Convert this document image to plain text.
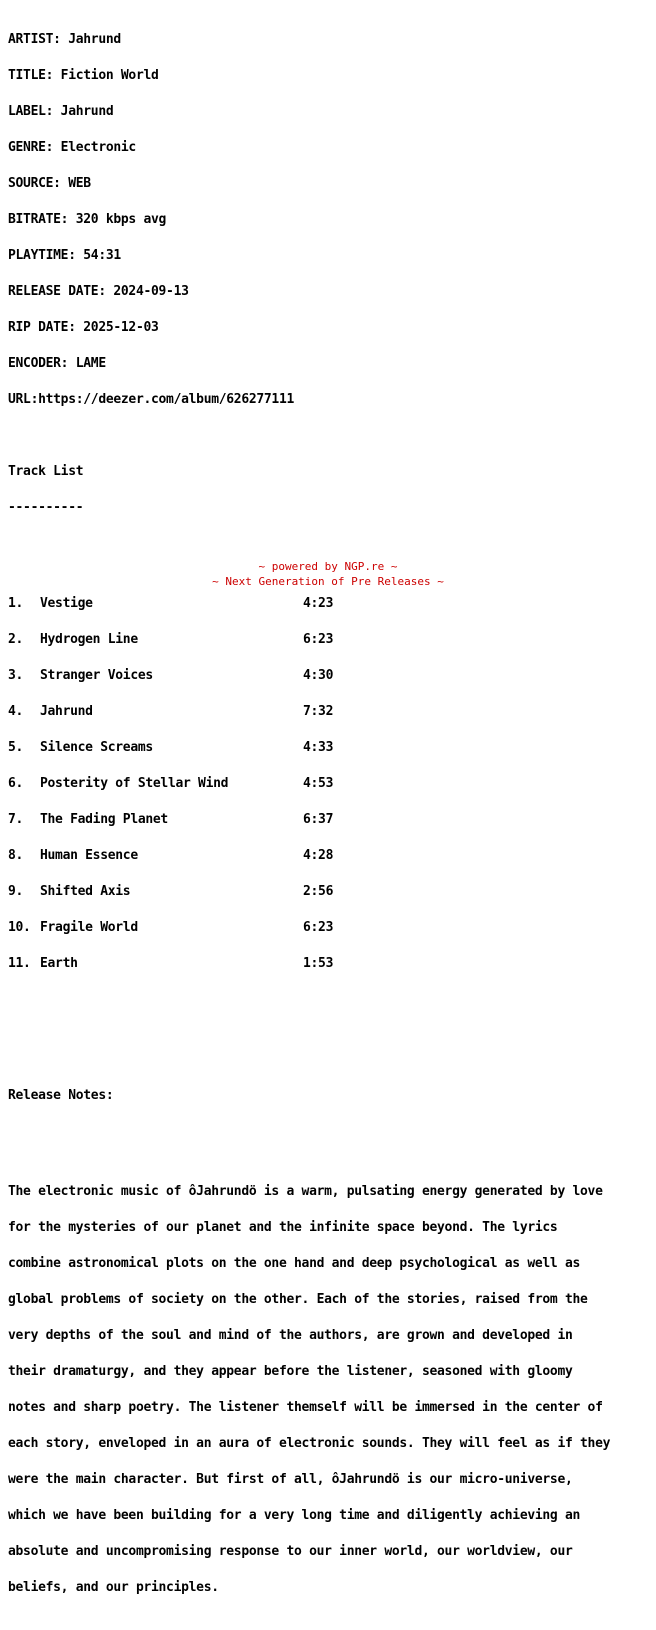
ARTIST: Jahrund

TITLE: Fiction World

LABEL: Jahrund

GENRE: Electronic

SOURCE: WEB

BITRATE: 320 kbps avg

PLAYTIME: 54:31

RELEASE DATE: 2024-09-13

RIP DATE: 2025-12-03

ENCODER: LAME

URL:https://deezer.com/album/626277111

Track List

----------

1.	Vestige	4:23

2.	Hydrogen Line	6:23

3.	Stranger Voices	4:30

4.	Jahrund	7:32

5.	Silence Screams	4:33

6.	Posterity of Stellar Wind	4:53

7.	The Fading Planet	6:37

8.	Human Essence	4:28

9.	Shifted Axis	2:56

10. Fragile World	6:23

11. Earth	1:53

Release Notes:

The electronic music of ôJahrundö is a warm, pulsating energy generated by love

for the mysteries of our planet and the infinite space beyond. The lyrics

combine astronomical plots on the one hand and deep psychological as well as

global problems of society on the other. Each of the stories, raised from the

very depths of the soul and mind of the authors, are grown and developed in

their dramaturgy, and they appear before the listener, seasoned with gloomy

notes and sharp poetry. The listener themself will be immersed in the center of

each story, enveloped in an aura of electronic sounds. They will feel as if they

were the main character. But first of all, ôJahrundö is our micro-universe,

which we have been building for a very long time and diligently achieving an

absolute and uncompromising response to our inner world, our worldview, our

beliefs, and our principles.

~ powered by NGP.re ~
~ Next Generation of Pre Releases ~
